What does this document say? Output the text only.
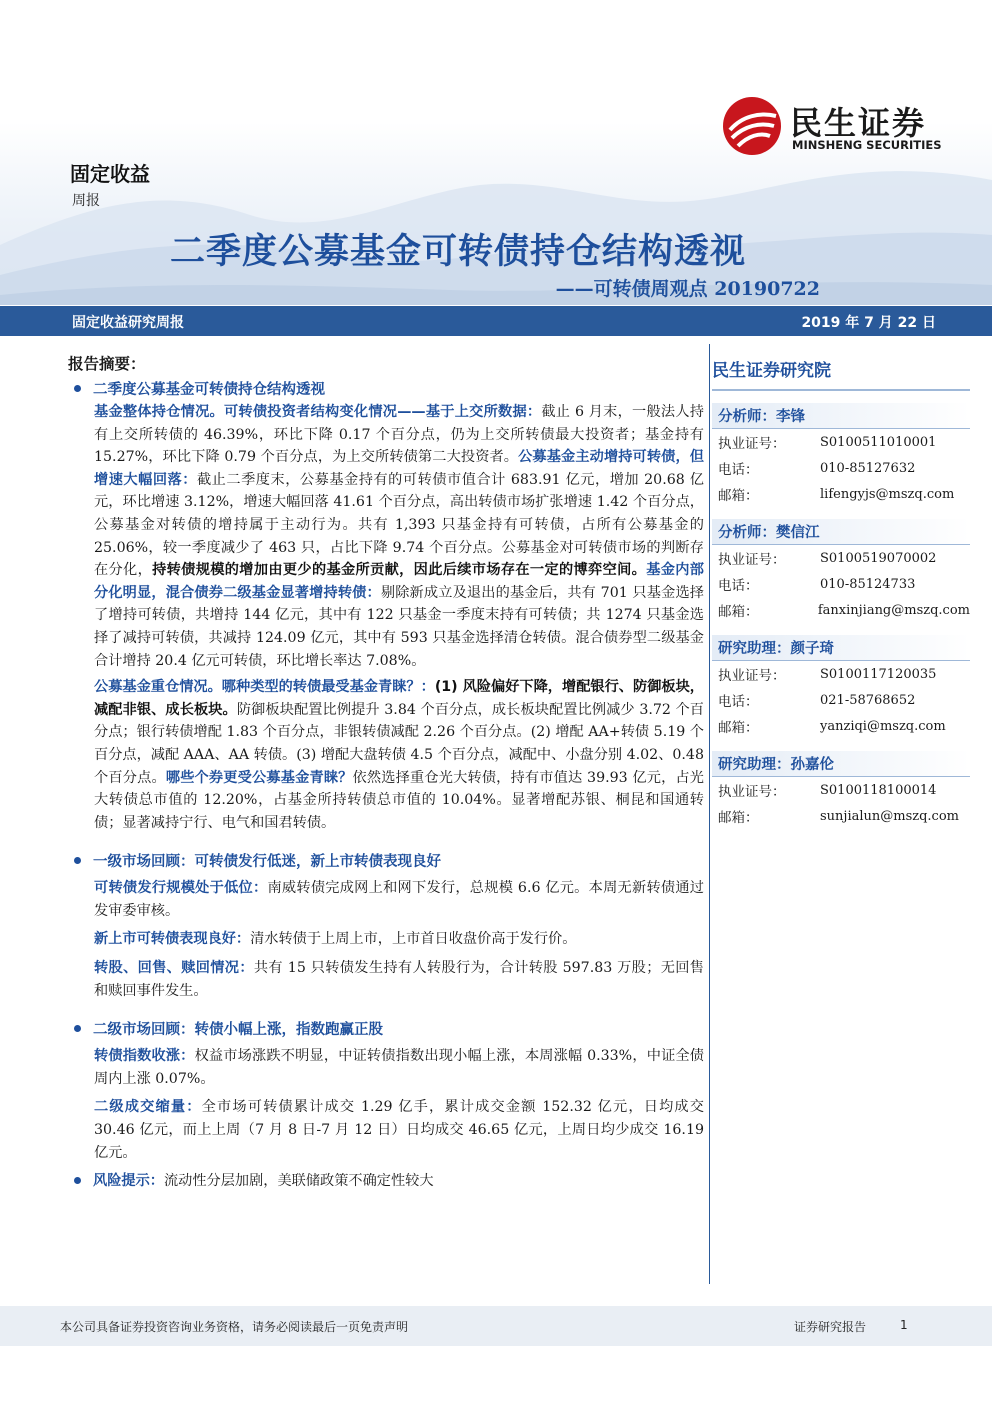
民生证券
MINSHENG SECURITIES
固定收益
周报
二季度公募基金可转债持仓结构透视
——可转债周观点 20190722
固定收益研究周报	2019 年 7 月 22 日
报告摘要：
二季度公募基金可转债持仓结构透视

基金整体持仓情况。可转债投资者结构变化情况——基于上交所数据：截止 6 月末，一般法人持有上交所转债的 46.39%，环比下降 0.17 个百分点，仍为上交所转债最大投资者；基金持有 15.27%，环比下降 0.79 个百分点，为上交所转债第二大投资者。公募基金主动增持可转债，但增速大幅回落：截止二季度末，公募基金持有的可转债市值合计 683.91 亿元，增加 20.68 亿元，环比增速 3.12%，增速大幅回落 41.61 个百分点，高出转债市场扩张增速 1.42 个百分点，公募基金对转债的增持属于主动行为。共有 1,393 只基金持有可转债，占所有公募基金的 25.06%，较一季度减少了 463 只，占比下降 9.74 个百分点。公募基金对可转债市场的判断存在分化，持转债规模的增加由更少的基金所贡献，因此后续市场存在一定的博弈空间。基金内部分化明显，混合债券二级基金显著增持转债：剔除新成立及退出的基金后，共有 701 只基金选择了增持可转债，共增持 144 亿元，其中有 122 只基金一季度末持有可转债；共 1274 只基金选择了减持可转债，共减持 124.09 亿元，其中有 593 只基金选择清仓转债。混合债券型二级基金合计增持 20.4 亿元可转债，环比增长率达 7.08%。

公募基金重仓情况。哪种类型的转债最受基金青睐？：(1) 风险偏好下降，增配银行、防御板块，减配非银、成长板块。防御板块配置比例提升 3.84 个百分点，成长板块配置比例减少 3.72 个百分点；银行转债增配 1.83 个百分点，非银转债减配 2.26 个百分点。(2) 增配 AA+转债 5.19 个百分点，减配 AAA、AA 转债。(3) 增配大盘转债 4.5 个百分点，减配中、小盘分别 4.02、0.48 个百分点。哪些个券更受公募基金青睐？依然选择重仓光大转债，持有市值达 39.93 亿元，占光大转债总市值的 12.20%，占基金所持转债总市值的 10.04%。显著增配苏银、桐昆和国通转债；显著减持宁行、电气和国君转债。

一级市场回顾：可转债发行低迷，新上市转债表现良好

可转债发行规模处于低位：南威转债完成网上和网下发行，总规模 6.6 亿元。本周无新转债通过发审委审核。

新上市可转债表现良好：清水转债于上周上市，上市首日收盘价高于发行价。

转股、回售、赎回情况：共有 15 只转债发生持有人转股行为，合计转股 597.83 万股；无回售和赎回事件发生。

二级市场回顾：转债小幅上涨，指数跑赢正股

转债指数收涨：权益市场涨跌不明显，中证转债指数出现小幅上涨，本周涨幅 0.33%，中证全债周内上涨 0.07%。

二级成交缩量：全市场可转债累计成交 1.29 亿手，累计成交金额 152.32 亿元，日均成交 30.46 亿元，而上上周（7 月 8 日-7 月 12 日）日均成交 46.65 亿元，上周日均少成交 16.19 亿元。

风险提示：流动性分层加剧，美联储政策不确定性较大
民生证券研究院
分析师：李锋
执业证号：	S0100511010001
电话：	010-85127632
邮箱：	lifengyjs@mszq.com
分析师：樊信江
执业证号：	S0100519070002
电话：	010-85124733
邮箱：	fanxinjiang@mszq.com
研究助理：颜子琦
执业证号：	S0100117120035
电话：	021-58768652
邮箱：	yanziqi@mszq.com
研究助理：孙嘉伦
执业证号：	S0100118100014
邮箱：	sunjialun@mszq.com
本公司具备证券投资咨询业务资格，请务必阅读最后一页免责声明	证券研究报告	1
